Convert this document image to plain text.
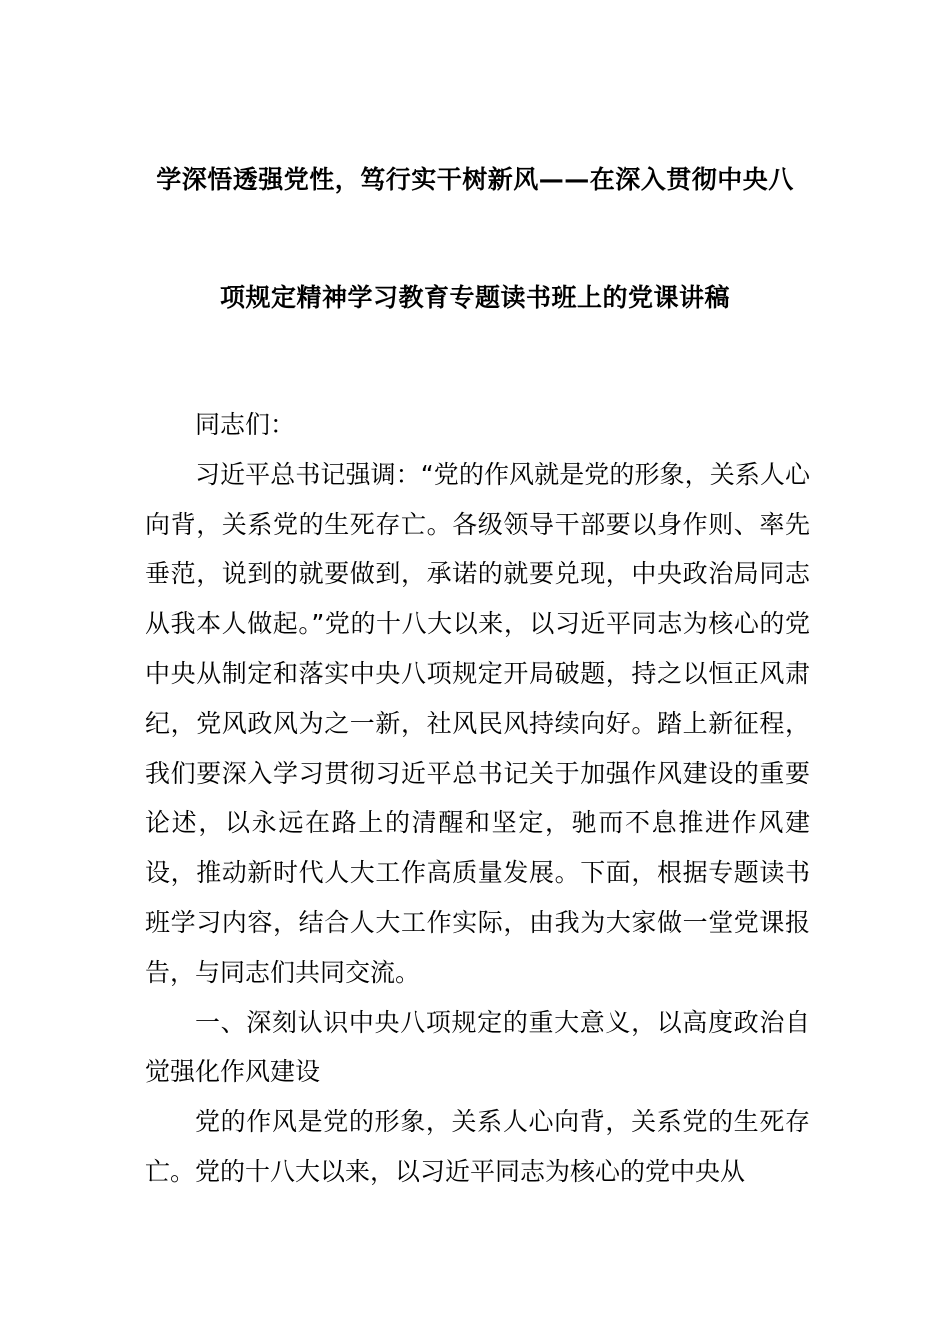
学深悟透强党性，笃行实干树新风——在深入贯彻中央八
项规定精神学习教育专题读书班上的党课讲稿

同志们：

习近平总书记强调：“党的作风就是党的形象，关系人心向背，关系党的生死存亡。各级领导干部要以身作则、率先垂范，说到的就要做到，承诺的就要兑现，中央政治局同志从我本人做起。”党的十八大以来，以习近平同志为核心的党中央从制定和落实中央八项规定开局破题，持之以恒正风肃纪，党风政风为之一新，社风民风持续向好。踏上新征程，我们要深入学习贯彻习近平总书记关于加强作风建设的重要论述，以永远在路上的清醒和坚定，驰而不息推进作风建设，推动新时代人大工作高质量发展。下面，根据专题读书班学习内容，结合人大工作实际，由我为大家做一堂党课报告，与同志们共同交流。

一、深刻认识中央八项规定的重大意义，以高度政治自觉强化作风建设

党的作风是党的形象，关系人心向背，关系党的生死存亡。党的十八大以来，以习近平同志为核心的党中央从
